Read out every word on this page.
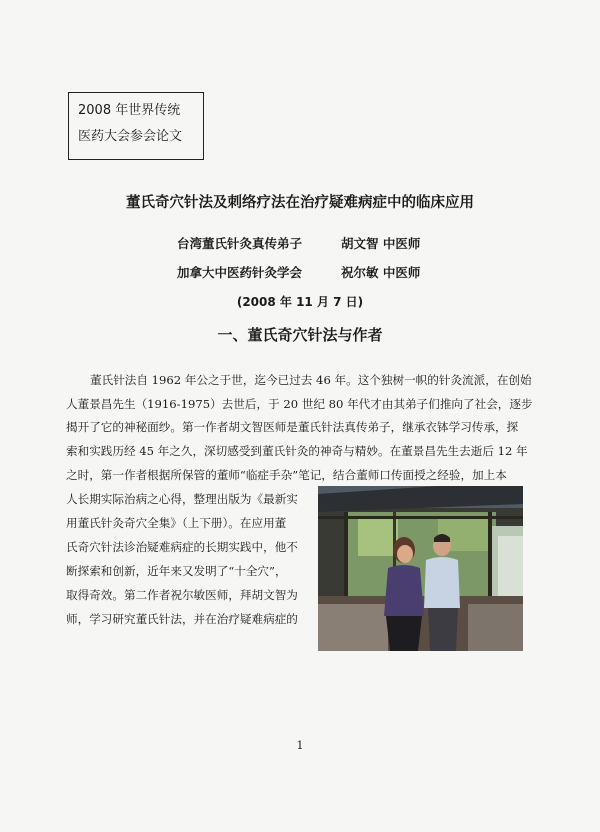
2008 年世界传统
医药大会参会论文
董氏奇穴针法及刺络疗法在治疗疑难病症中的临床应用
台湾董氏针灸真传弟子	胡文智 中医师
加拿大中医药针灸学会	祝尔敏 中医师
(2008 年 11 月 7 日)
一、董氏奇穴针法与作者
董氏针法自 1962 年公之于世，迄今已过去 46 年。这个独树一帜的针灸流派，在创始
人董景昌先生（1916-1975）去世后，于 20 世纪 80 年代才由其弟子们推向了社会，逐步
揭开了它的神秘面纱。第一作者胡文智医师是董氏针法真传弟子，继承衣钵学习传承，探
索和实践历经 45 年之久，深切感受到董氏针灸的神奇与精妙。在董景昌先生去逝后 12 年
之时，第一作者根据所保管的董师“临症手杂”笔记，结合董师口传面授之经验，加上本
人长期实际治病之心得，整理出版为《最新实
用董氏针灸奇穴全集》（上下册）。在应用董
氏奇穴针法诊治疑难病症的长期实践中，他不
断探索和创新，近年来又发明了“十全穴”，
取得奇效。第二作者祝尔敏医师，拜胡文智为
师，学习研究董氏针法，并在治疗疑难病症的
1
